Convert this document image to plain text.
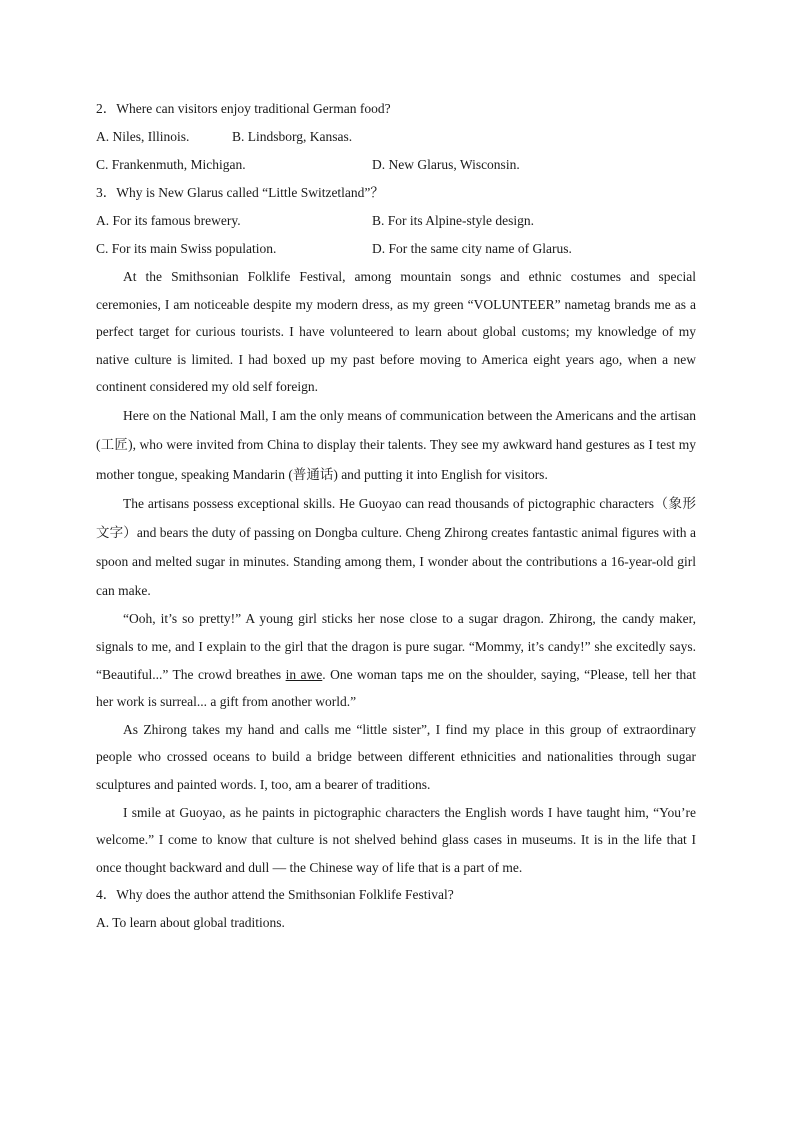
2．Where can visitors enjoy traditional German food?
A. Niles, Illinois.	B. Lindsborg, Kansas.
C. Frankenmuth, Michigan.	D. New Glarus, Wisconsin.
3．Why is New Glarus called “Little Switzetland”？
A. For its famous brewery.	B. For its Alpine-style design.
C. For its main Swiss population.	D. For the same city name of Glarus.

At the Smithsonian Folklife Festival, among mountain songs and ethnic costumes and special ceremonies, I am noticeable despite my modern dress, as my green “VOLUNTEER” nametag brands me as a perfect target for curious tourists. I have volunteered to learn about global customs; my knowledge of my native culture is limited. I had boxed up my past before moving to America eight years ago, when a new continent considered my old self foreign.

Here on the National Mall, I am the only means of communication between the Americans and the artisan (工匠), who were invited from China to display their talents. They see my awkward hand gestures as I test my mother tongue, speaking Mandarin (普通话) and putting it into English for visitors.

The artisans possess exceptional skills. He Guoyao can read thousands of pictographic characters（象形文字）and bears the duty of passing on Dongba culture. Cheng Zhirong creates fantastic animal figures with a spoon and melted sugar in minutes. Standing among them, I wonder about the contributions a 16-year-old girl can make.

“Ooh, it’s so pretty!” A young girl sticks her nose close to a sugar dragon. Zhirong, the candy maker, signals to me, and I explain to the girl that the dragon is pure sugar. “Mommy, it’s candy!” she excitedly says. “Beautiful...” The crowd breathes in awe. One woman taps me on the shoulder, saying, “Please, tell her that her work is surreal... a gift from another world.”

As Zhirong takes my hand and calls me “little sister”, I find my place in this group of extraordinary people who crossed oceans to build a bridge between different ethnicities and nationalities through sugar sculptures and painted words. I, too, am a bearer of traditions.

I smile at Guoyao, as he paints in pictographic characters the English words I have taught him, “You’re welcome.” I come to know that culture is not shelved behind glass cases in museums. It is in the life that I once thought backward and dull — the Chinese way of life that is a part of me.

4．Why does the author attend the Smithsonian Folklife Festival?
A. To learn about global traditions.
